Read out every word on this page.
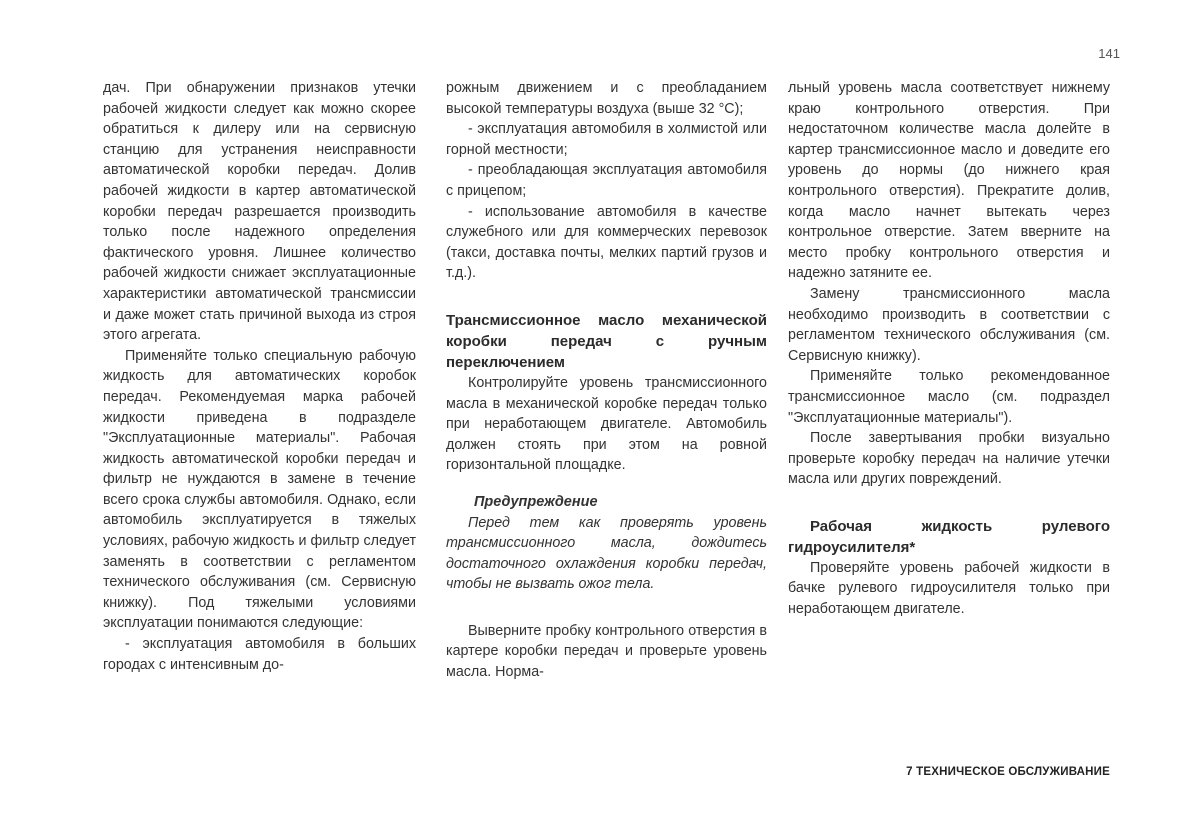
141

дач. При обнаружении признаков утечки рабочей жидкости следует как можно скорее обратиться к дилеру или на сервисную станцию для устранения неисправности автоматической коробки передач. Долив рабочей жидкости в картер автоматической коробки передач разрешается производить только после надежного определения фактического уровня. Лишнее количество рабочей жидкости снижает эксплуатационные характеристики автоматической трансмиссии и даже может стать причиной выхода из строя этого агрегата.

Применяйте только специальную рабочую жидкость для автоматических коробок передач. Рекомендуемая марка рабочей жидкости приведена в подразделе "Эксплуатационные материалы". Рабочая жидкость автоматической коробки передач и фильтр не нуждаются в замене в течение всего срока службы автомобиля. Однако, если автомобиль эксплуатируется в тяжелых условиях, рабочую жидкость и фильтр следует заменять в соответствии с регламентом технического обслуживания (см. Сервисную книжку). Под тяжелыми условиями эксплуатации понимаются следующие:

- эксплуатация автомобиля в больших городах с интенсивным до-

рожным движением и с преобладанием высокой температуры воздуха (выше 32 °C);

- эксплуатация автомобиля в холмистой или горной местности;

- преобладающая эксплуатация автомобиля с прицепом;

- использование автомобиля в качестве служебного или для коммерческих перевозок (такси, доставка почты, мелких партий грузов и т.д.).

Трансмиссионное масло механической коробки передач с ручным переключением

Контролируйте уровень трансмиссионного масла в механической коробке передач только при неработающем двигателе. Автомобиль должен стоять при этом на ровной горизонтальной площадке.

Предупреждение

Перед тем как проверять уровень трансмиссионного масла, дождитесь достаточного охлаждения коробки передач, чтобы не вызвать ожог тела.

Выверните пробку контрольного отверстия в картере коробки передач и проверьте уровень масла. Норма-

льный уровень масла соответствует нижнему краю контрольного отверстия. При недостаточном количестве масла долейте в картер трансмиссионное масло и доведите его уровень до нормы (до нижнего края контрольного отверстия). Прекратите долив, когда масло начнет вытекать через контрольное отверстие. Затем вверните на место пробку контрольного отверстия и надежно затяните ее.

Замену трансмиссионного масла необходимо производить в соответствии с регламентом технического обслуживания (см. Сервисную книжку).

Применяйте только рекомендованное трансмиссионное масло (см. подраздел "Эксплуатационные материалы").

После завертывания пробки визуально проверьте коробку передач на наличие утечки масла или других повреждений.

Рабочая жидкость рулевого гидроусилителя*

Проверяйте уровень рабочей жидкости в бачке рулевого гидроусилителя только при неработающем двигателе.

7 ТЕХНИЧЕСКОЕ ОБСЛУЖИВАНИЕ
